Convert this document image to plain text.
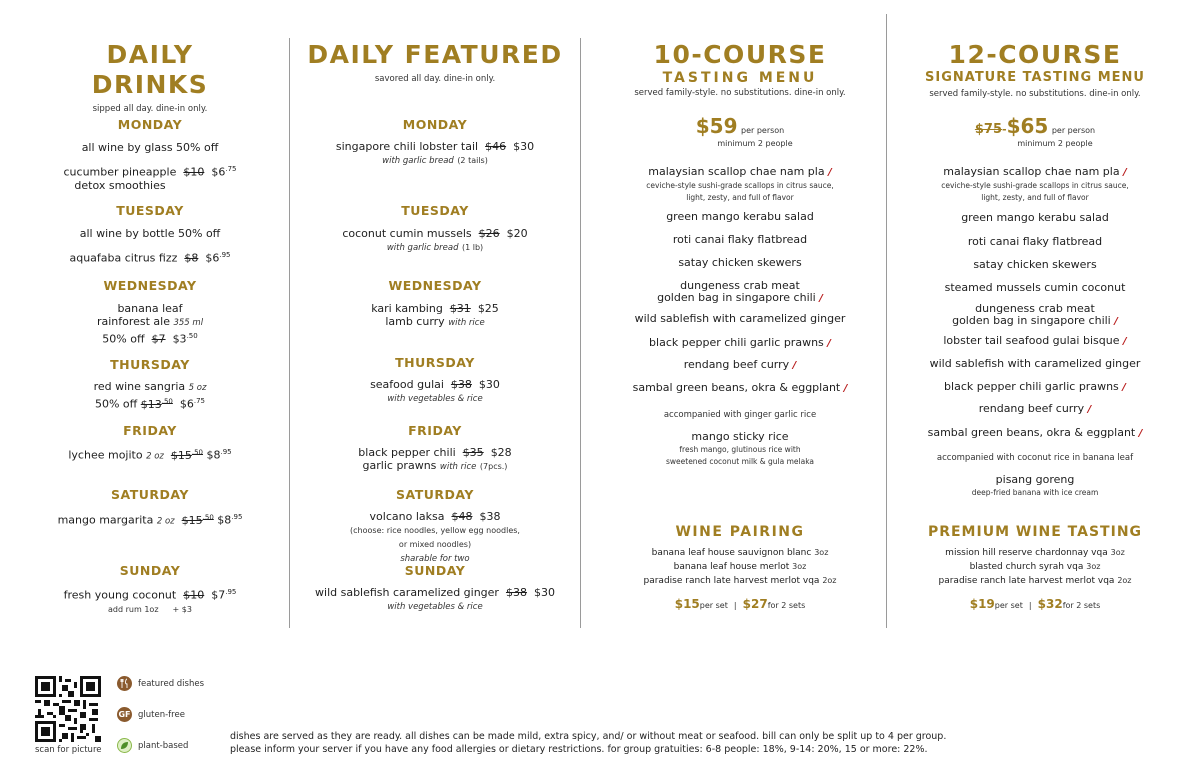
DAILY DRINKS
sipped all day. dine-in only.
MONDAY
all wine by glass 50% off
cucumber pineapple $10 $\$6^{.75}$
detox smoothies
TUESDAY
all wine by bottle 50% off
aquafaba citrus fizz $8 $\$6^{.95}$
WEDNESDAY
banana leaf
rainforest ale 355 ml
50% off $7 $\$3^{.50}$
THURSDAY
red wine sangria 5 oz
50% off $\$13^{.50}$ $\$6^{.75}$
FRIDAY
lychee mojito 2 oz $\$15^{.50}$ $\$8^{.95}$
SATURDAY
mango margarita 2 oz $\$15^{.50}$ $\$8^{.95}$
SUNDAY
fresh young coconut $10 $\$7^{.95}$
add rum 1oz + $3
DAILY FEATURED
savored all day. dine-in only.
MONDAY
singapore chili lobster tail $46 $30
with garlic bread (2 tails)
TUESDAY
coconut cumin mussels $26 $20
with garlic bread (1 lb)
WEDNESDAY
kari kambing $31 $25
lamb curry with rice
THURSDAY
seafood gulai $38 $30
with vegetables & rice
FRIDAY
black pepper chili $35 $28
garlic prawns with rice (7pcs.)
SATURDAY
volcano laksa $48 $38
(choose: rice noodles, yellow egg noodles,
or mixed noodles)
sharable for two
SUNDAY
wild sablefish caramelized ginger $38 $30
with vegetables & rice
10-COURSE
TASTING MENU
served family-style. no substitutions. dine-in only.
$59 per person
minimum 2 people
malaysian scallop chae nam pla /
ceviche-style sushi-grade scallops in citrus sauce,
light, zesty, and full of flavor
green mango kerabu salad
roti canai flaky flatbread
satay chicken skewers
dungeness crab meat
golden bag in singapore chili /
wild sablefish with caramelized ginger
black pepper chili garlic prawns /
rendang beef curry /
sambal green beans, okra & eggplant /
accompanied with ginger garlic rice
mango sticky rice
fresh mango, glutinous rice with
sweetened coconut milk & gula melaka
WINE PAIRING
banana leaf house sauvignon blanc 3oz
banana leaf house merlot 3oz
paradise ranch late harvest merlot vqa 2oz
$15per set  |  $27for 2 sets
12-COURSE
SIGNATURE TASTING MENU
served family-style. no substitutions. dine-in only.
$75-$65 per person
minimum 2 people
malaysian scallop chae nam pla /
ceviche-style sushi-grade scallops in citrus sauce,
light, zesty, and full of flavor
green mango kerabu salad
roti canai flaky flatbread
satay chicken skewers
steamed mussels cumin coconut
dungeness crab meat
golden bag in singapore chili /
lobster tail seafood gulai bisque /
wild sablefish with caramelized ginger
black pepper chili garlic prawns /
rendang beef curry /
sambal green beans, okra & eggplant /
accompanied with coconut rice in banana leaf
pisang goreng
deep-fried banana with ice cream
PREMIUM WINE TASTING
mission hill reserve chardonnay vqa 3oz
blasted church syrah vqa 3oz
paradise ranch late harvest merlot vqa 2oz
$19per set  |  $32for 2 sets
scan for picture
featured dishes
GF gluten-free
plant-based
dishes are served as they are ready. all dishes can be made mild, extra spicy, and/ or without meat or seafood. bill can only be split up to 4 per group.
please inform your server if you have any food allergies or dietary restrictions. for group gratuities: 6-8 people: 18%, 9-14: 20%, 15 or more: 22%.
